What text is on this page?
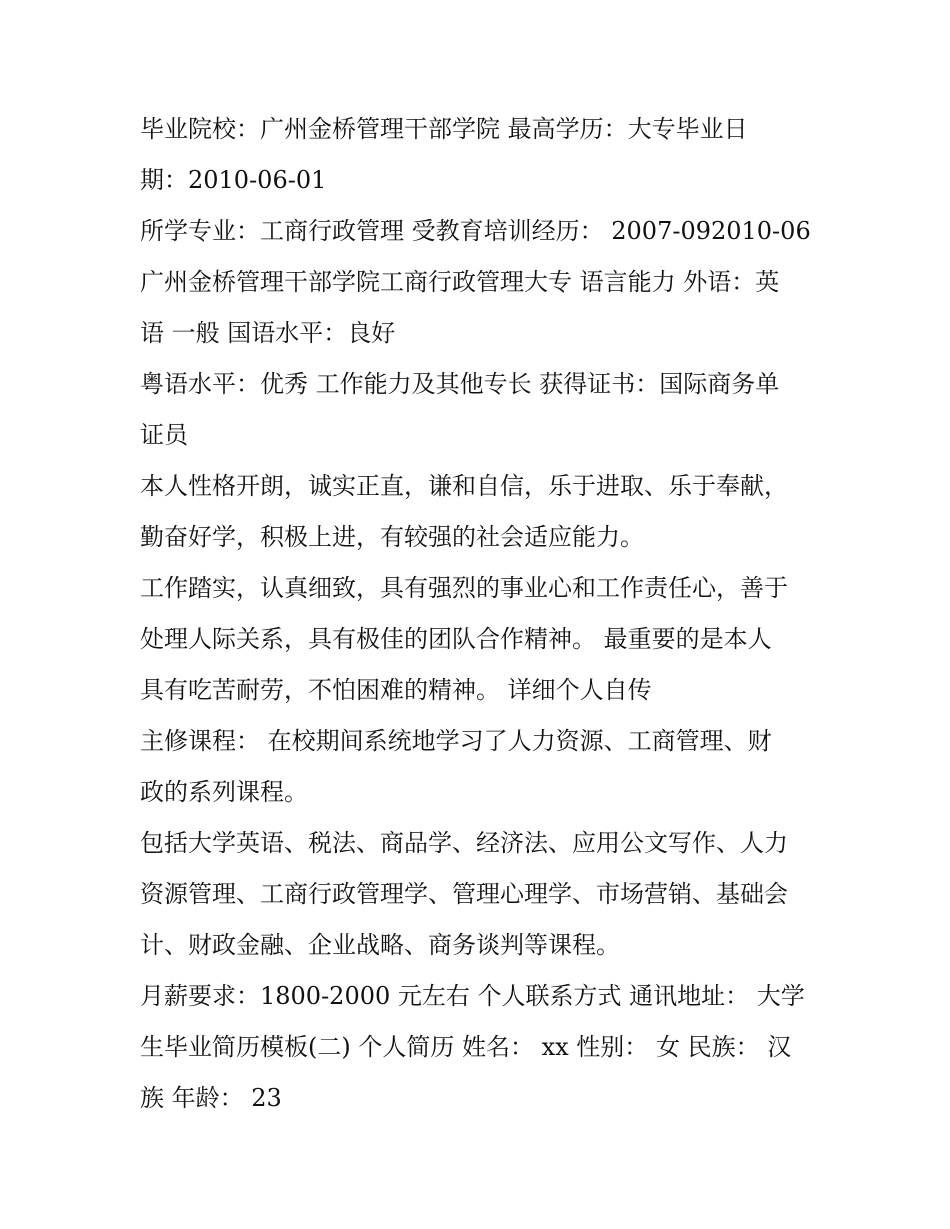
毕业院校：广州金桥管理干部学院 最高学历：大专毕业日
期：2010-06-01
所学专业：工商行政管理 受教育培训经历： 2007-092010-06
广州金桥管理干部学院工商行政管理大专 语言能力 外语：英
语 一般 国语水平：良好
粤语水平：优秀 工作能力及其他专长 获得证书：国际商务单
证员
本人性格开朗，诚实正直，谦和自信，乐于进取、乐于奉献，
勤奋好学，积极上进，有较强的社会适应能力。
工作踏实，认真细致，具有强烈的事业心和工作责任心，善于
处理人际关系，具有极佳的团队合作精神。 最重要的是本人
具有吃苦耐劳，不怕困难的精神。 详细个人自传
主修课程： 在校期间系统地学习了人力资源、工商管理、财
政的系列课程。
包括大学英语、税法、商品学、经济法、应用公文写作、人力
资源管理、工商行政管理学、管理心理学、市场营销、基础会
计、财政金融、企业战略、商务谈判等课程。
月薪要求：1800-2000 元左右 个人联系方式 通讯地址： 大学
生毕业简历模板(二) 个人简历 姓名： xx 性别： 女 民族： 汉
族 年龄： 23
